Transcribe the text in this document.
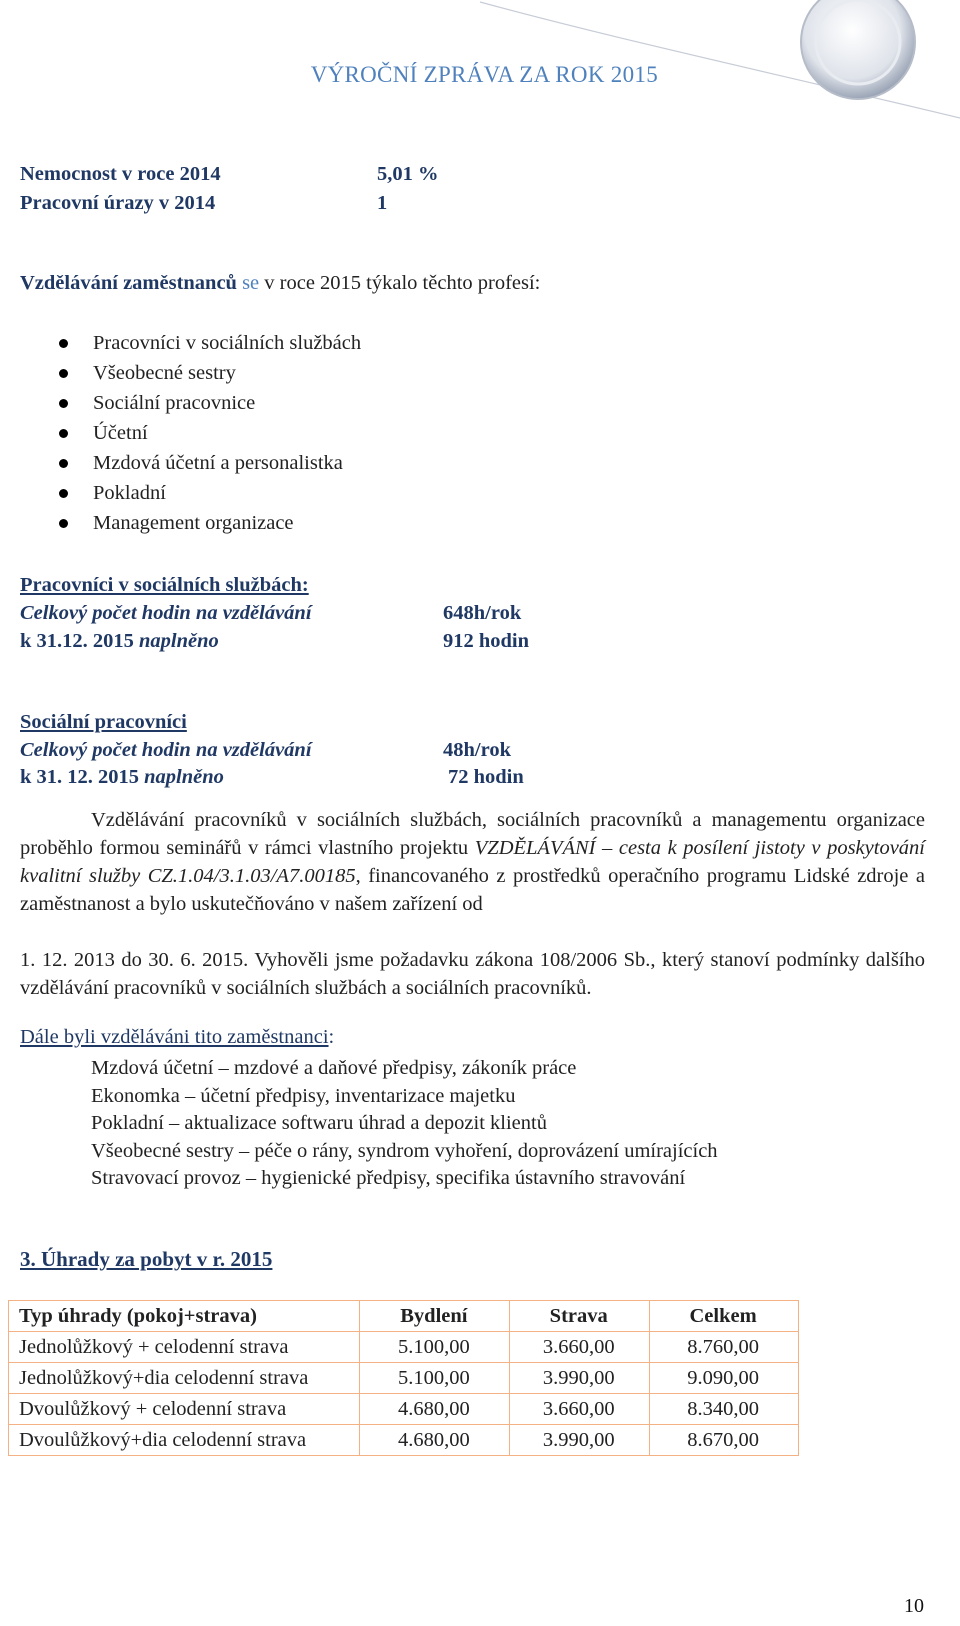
VÝROČNÍ ZPRÁVA ZA ROK 2015
Nemocnost v roce 2014	5,01 %
Pracovní úrazy v 2014	1
Vzdělávání zaměstnanců se v roce 2015 týkalo těchto profesí:
Pracovníci v sociálních službách
Všeobecné sestry
Sociální pracovnice
Účetní
Mzdová účetní a personalistka
Pokladní
Management organizace
Pracovníci v sociálních službách:
Celkový počet hodin na vzdělávání	648h/rok
k 31.12. 2015 naplněno	912 hodin
Sociální pracovníci
Celkový počet hodin na vzdělávání	48h/rok
k 31. 12. 2015 naplněno	72 hodin
Vzdělávání pracovníků v sociálních službách, sociálních pracovníků a managementu organizace proběhlo formou seminářů v rámci vlastního projektu VZDĚLÁVÁNÍ – cesta k posílení jistoty v poskytování kvalitní služby CZ.1.04/3.1.03/A7.00185, financovaného z prostředků operačního programu Lidské zdroje a zaměstnanost a bylo uskutečňováno v našem zařízení od
1. 12. 2013 do 30. 6. 2015. Vyhověli jsme požadavku zákona 108/2006 Sb., který stanoví podmínky dalšího vzdělávání pracovníků v sociálních službách a sociálních pracovníků.
Dále byli vzděláváni tito zaměstnanci:
Mzdová účetní – mzdové a daňové předpisy, zákoník práce
Ekonomka – účetní předpisy, inventarizace majetku
Pokladní – aktualizace softwaru úhrad a depozit klientů
Všeobecné sestry – péče o rány, syndrom vyhoření, doprovázení umírajících
Stravovací provoz – hygienické předpisy, specifika ústavního stravování
3. Úhrady za pobyt v r. 2015
Typ úhrady (pokoj+strava)	Bydlení	Strava	Celkem
Jednolůžkový + celodenní strava	5.100,00	3.660,00	8.760,00
Jednolůžkový+dia celodenní strava	5.100,00	3.990,00	9.090,00
Dvoulůžkový + celodenní strava	4.680,00	3.660,00	8.340,00
Dvoulůžkový+dia celodenní strava	4.680,00	3.990,00	8.670,00
10
